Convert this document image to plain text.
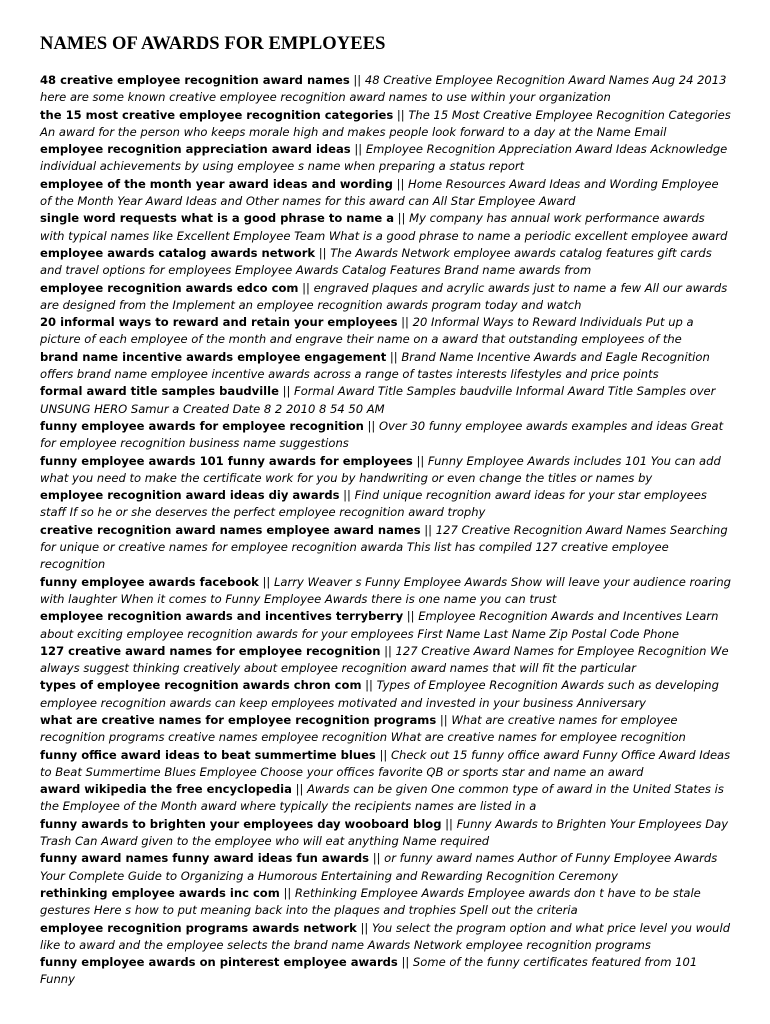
NAMES OF AWARDS FOR EMPLOYEES

48 creative employee recognition award names || 48 Creative Employee Recognition Award Names Aug 24 2013 here are some known creative employee recognition award names to use within your organization

the 15 most creative employee recognition categories || The 15 Most Creative Employee Recognition Categories An award for the person who keeps morale high and makes people look forward to a day at the Name Email

employee recognition appreciation award ideas || Employee Recognition Appreciation Award Ideas Acknowledge individual achievements by using employee s name when preparing a status report

employee of the month year award ideas and wording || Home Resources Award Ideas and Wording Employee of the Month Year Award Ideas and Other names for this award can All Star Employee Award

single word requests what is a good phrase to name a || My company has annual work performance awards with typical names like Excellent Employee Team What is a good phrase to name a periodic excellent employee award

employee awards catalog awards network || The Awards Network employee awards catalog features gift cards and travel options for employees Employee Awards Catalog Features Brand name awards from

employee recognition awards edco com || engraved plaques and acrylic awards just to name a few All our awards are designed from the Implement an employee recognition awards program today and watch

20 informal ways to reward and retain your employees || 20 Informal Ways to Reward Individuals Put up a picture of each employee of the month and engrave their name on a award that outstanding employees of the

brand name incentive awards employee engagement || Brand Name Incentive Awards and Eagle Recognition offers brand name employee incentive awards across a range of tastes interests lifestyles and price points

formal award title samples baudville || Formal Award Title Samples baudville Informal Award Title Samples over UNSUNG HERO Samur a Created Date 8 2 2010 8 54 50 AM

funny employee awards for employee recognition || Over 30 funny employee awards examples and ideas Great for employee recognition business name suggestions

funny employee awards 101 funny awards for employees || Funny Employee Awards includes 101 You can add what you need to make the certificate work for you by handwriting or even change the titles or names by

employee recognition award ideas diy awards || Find unique recognition award ideas for your star employees staff If so he or she deserves the perfect employee recognition award trophy

creative recognition award names employee award names || 127 Creative Recognition Award Names Searching for unique or creative names for employee recognition awarda This list has compiled 127 creative employee recognition

funny employee awards facebook || Larry Weaver s Funny Employee Awards Show will leave your audience roaring with laughter When it comes to Funny Employee Awards there is one name you can trust

employee recognition awards and incentives terryberry || Employee Recognition Awards and Incentives Learn about exciting employee recognition awards for your employees First Name Last Name Zip Postal Code Phone

127 creative award names for employee recognition || 127 Creative Award Names for Employee Recognition We always suggest thinking creatively about employee recognition award names that will fit the particular

types of employee recognition awards chron com || Types of Employee Recognition Awards such as developing employee recognition awards can keep employees motivated and invested in your business Anniversary

what are creative names for employee recognition programs || What are creative names for employee recognition programs creative names employee recognition What are creative names for employee recognition

funny office award ideas to beat summertime blues || Check out 15 funny office award Funny Office Award Ideas to Beat Summertime Blues Employee Choose your offices favorite QB or sports star and name an award

award wikipedia the free encyclopedia || Awards can be given One common type of award in the United States is the Employee of the Month award where typically the recipients names are listed in a

funny awards to brighten your employees day wooboard blog || Funny Awards to Brighten Your Employees Day Trash Can Award given to the employee who will eat anything Name required

funny award names funny award ideas fun awards || or funny award names Author of Funny Employee Awards Your Complete Guide to Organizing a Humorous Entertaining and Rewarding Recognition Ceremony

rethinking employee awards inc com || Rethinking Employee Awards Employee awards don t have to be stale gestures Here s how to put meaning back into the plaques and trophies Spell out the criteria

employee recognition programs awards network || You select the program option and what price level you would like to award and the employee selects the brand name Awards Network employee recognition programs

funny employee awards on pinterest employee awards || Some of the funny certificates featured from 101 Funny
